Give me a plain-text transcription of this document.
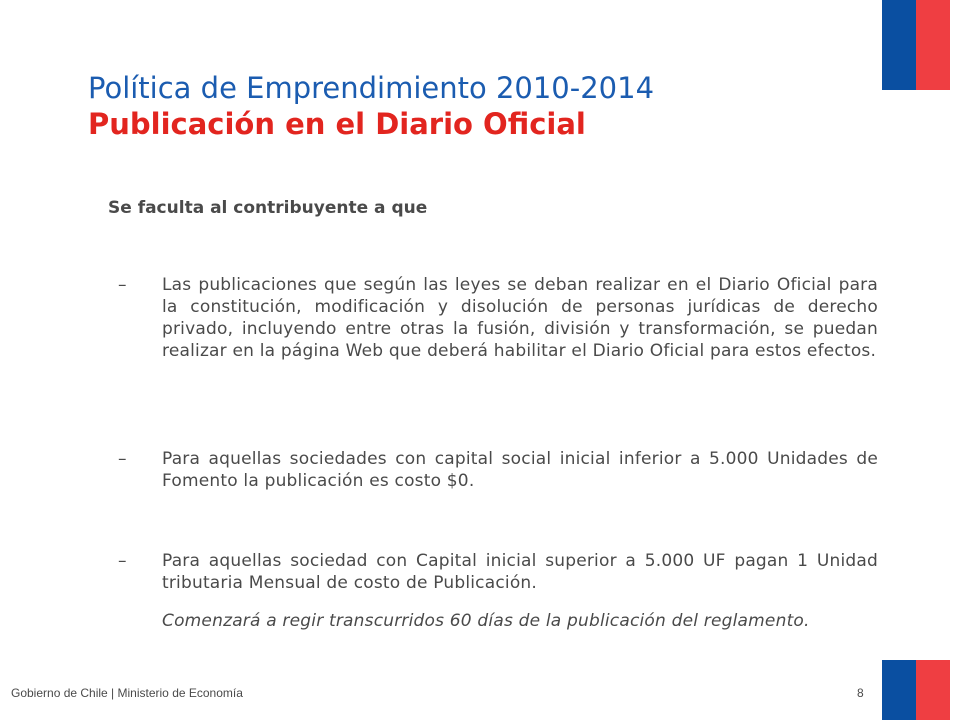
Política de Emprendimiento 2010-2014
Publicación en el Diario Oficial
Se faculta al contribuyente a que
–	Las publicaciones que según las leyes se deban realizar en el Diario Oficial para la constitución, modificación y disolución de personas jurídicas de derecho privado, incluyendo entre otras la fusión, división y transformación, se puedan realizar en la página Web que deberá habilitar el Diario Oficial para estos efectos.
–	Para aquellas sociedades con capital social inicial inferior a 5.000 Unidades de Fomento la publicación es costo $0.
–	Para aquellas sociedad con Capital inicial superior a 5.000 UF pagan 1 Unidad tributaria Mensual de costo de Publicación.
Comenzará a regir transcurridos 60 días de la publicación del reglamento.
Gobierno de Chile | Ministerio de Economía	8
